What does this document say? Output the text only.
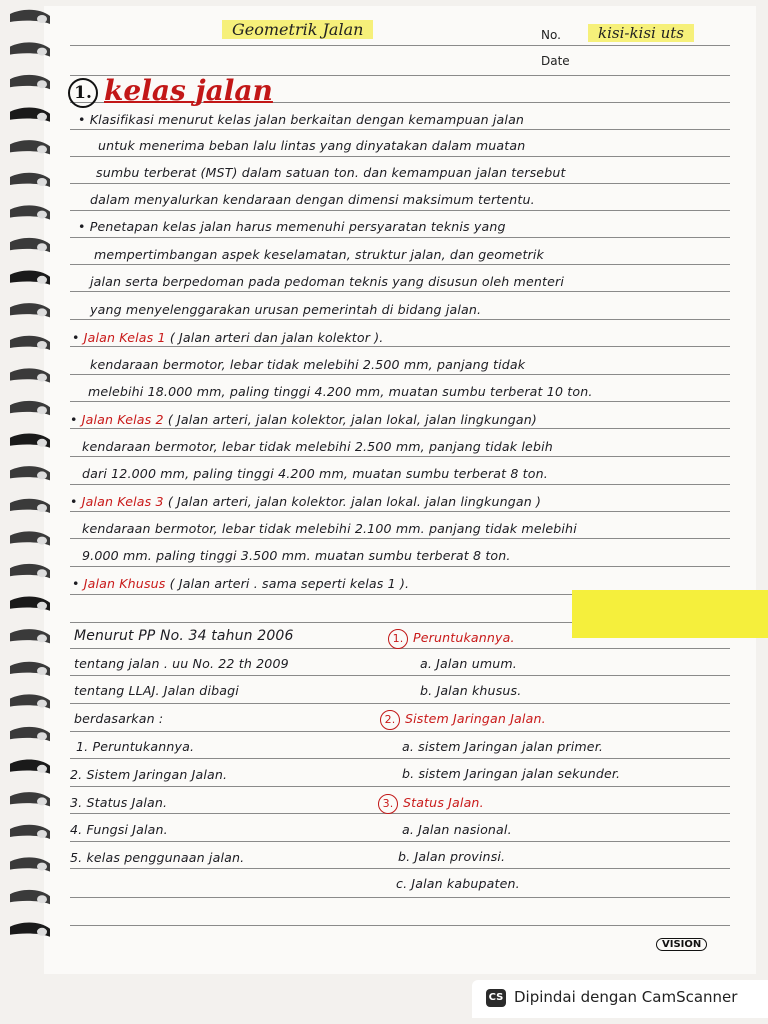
Geometrik Jalan	No.	kisi-kisi uts
Date
1. kelas jalan
• Klasifikasi menurut kelas jalan berkaitan dengan kemampuan jalan
untuk menerima beban lalu lintas yang dinyatakan dalam muatan
sumbu terberat (MST) dalam satuan ton. dan kemampuan jalan tersebut
dalam menyalurkan kendaraan dengan dimensi maksimum tertentu.
• Penetapan kelas jalan harus memenuhi persyaratan teknis yang
mempertimbangan aspek keselamatan, struktur jalan, dan geometrik
jalan serta berpedoman pada pedoman teknis yang disusun oleh menteri
yang menyelenggarakan urusan pemerintah di bidang jalan.
• Jalan Kelas 1 ( Jalan arteri dan jalan kolektor ).
kendaraan bermotor, lebar tidak melebihi 2.500 mm, panjang tidak
melebihi 18.000 mm, paling tinggi 4.200 mm, muatan sumbu terberat 10 ton.
• Jalan Kelas 2 ( Jalan arteri, jalan kolektor, jalan lokal, jalan lingkungan)
kendaraan bermotor, lebar tidak melebihi 2.500 mm, panjang tidak lebih
dari 12.000 mm, paling tinggi 4.200 mm, muatan sumbu terberat 8 ton.
• Jalan Kelas 3 ( Jalan arteri, jalan kolektor. jalan lokal. jalan lingkungan )
kendaraan bermotor, lebar tidak melebihi 2.100 mm. panjang tidak melebihi
9.000 mm. paling tinggi 3.500 mm. muatan sumbu terberat 8 ton.
• Jalan Khusus ( Jalan arteri . sama seperti kelas 1 ).
Menurut PP No. 34 tahun 2006
tentang jalan . uu No. 22 th 2009
tentang LLAJ. Jalan dibagi
berdasarkan :
1. Peruntukannya.
2. Sistem Jaringan Jalan.
3. Status Jalan.
4. Fungsi Jalan.
5. kelas penggunaan jalan.
1. Peruntukannya.
a. Jalan umum.
b. Jalan khusus.
2. Sistem Jaringan Jalan.
a. sistem Jaringan jalan primer.
b. sistem Jaringan jalan sekunder.
3. Status Jalan.
a. Jalan nasional.
b. Jalan provinsi.
c. Jalan kabupaten.
VISION
CS Dipindai dengan CamScanner
